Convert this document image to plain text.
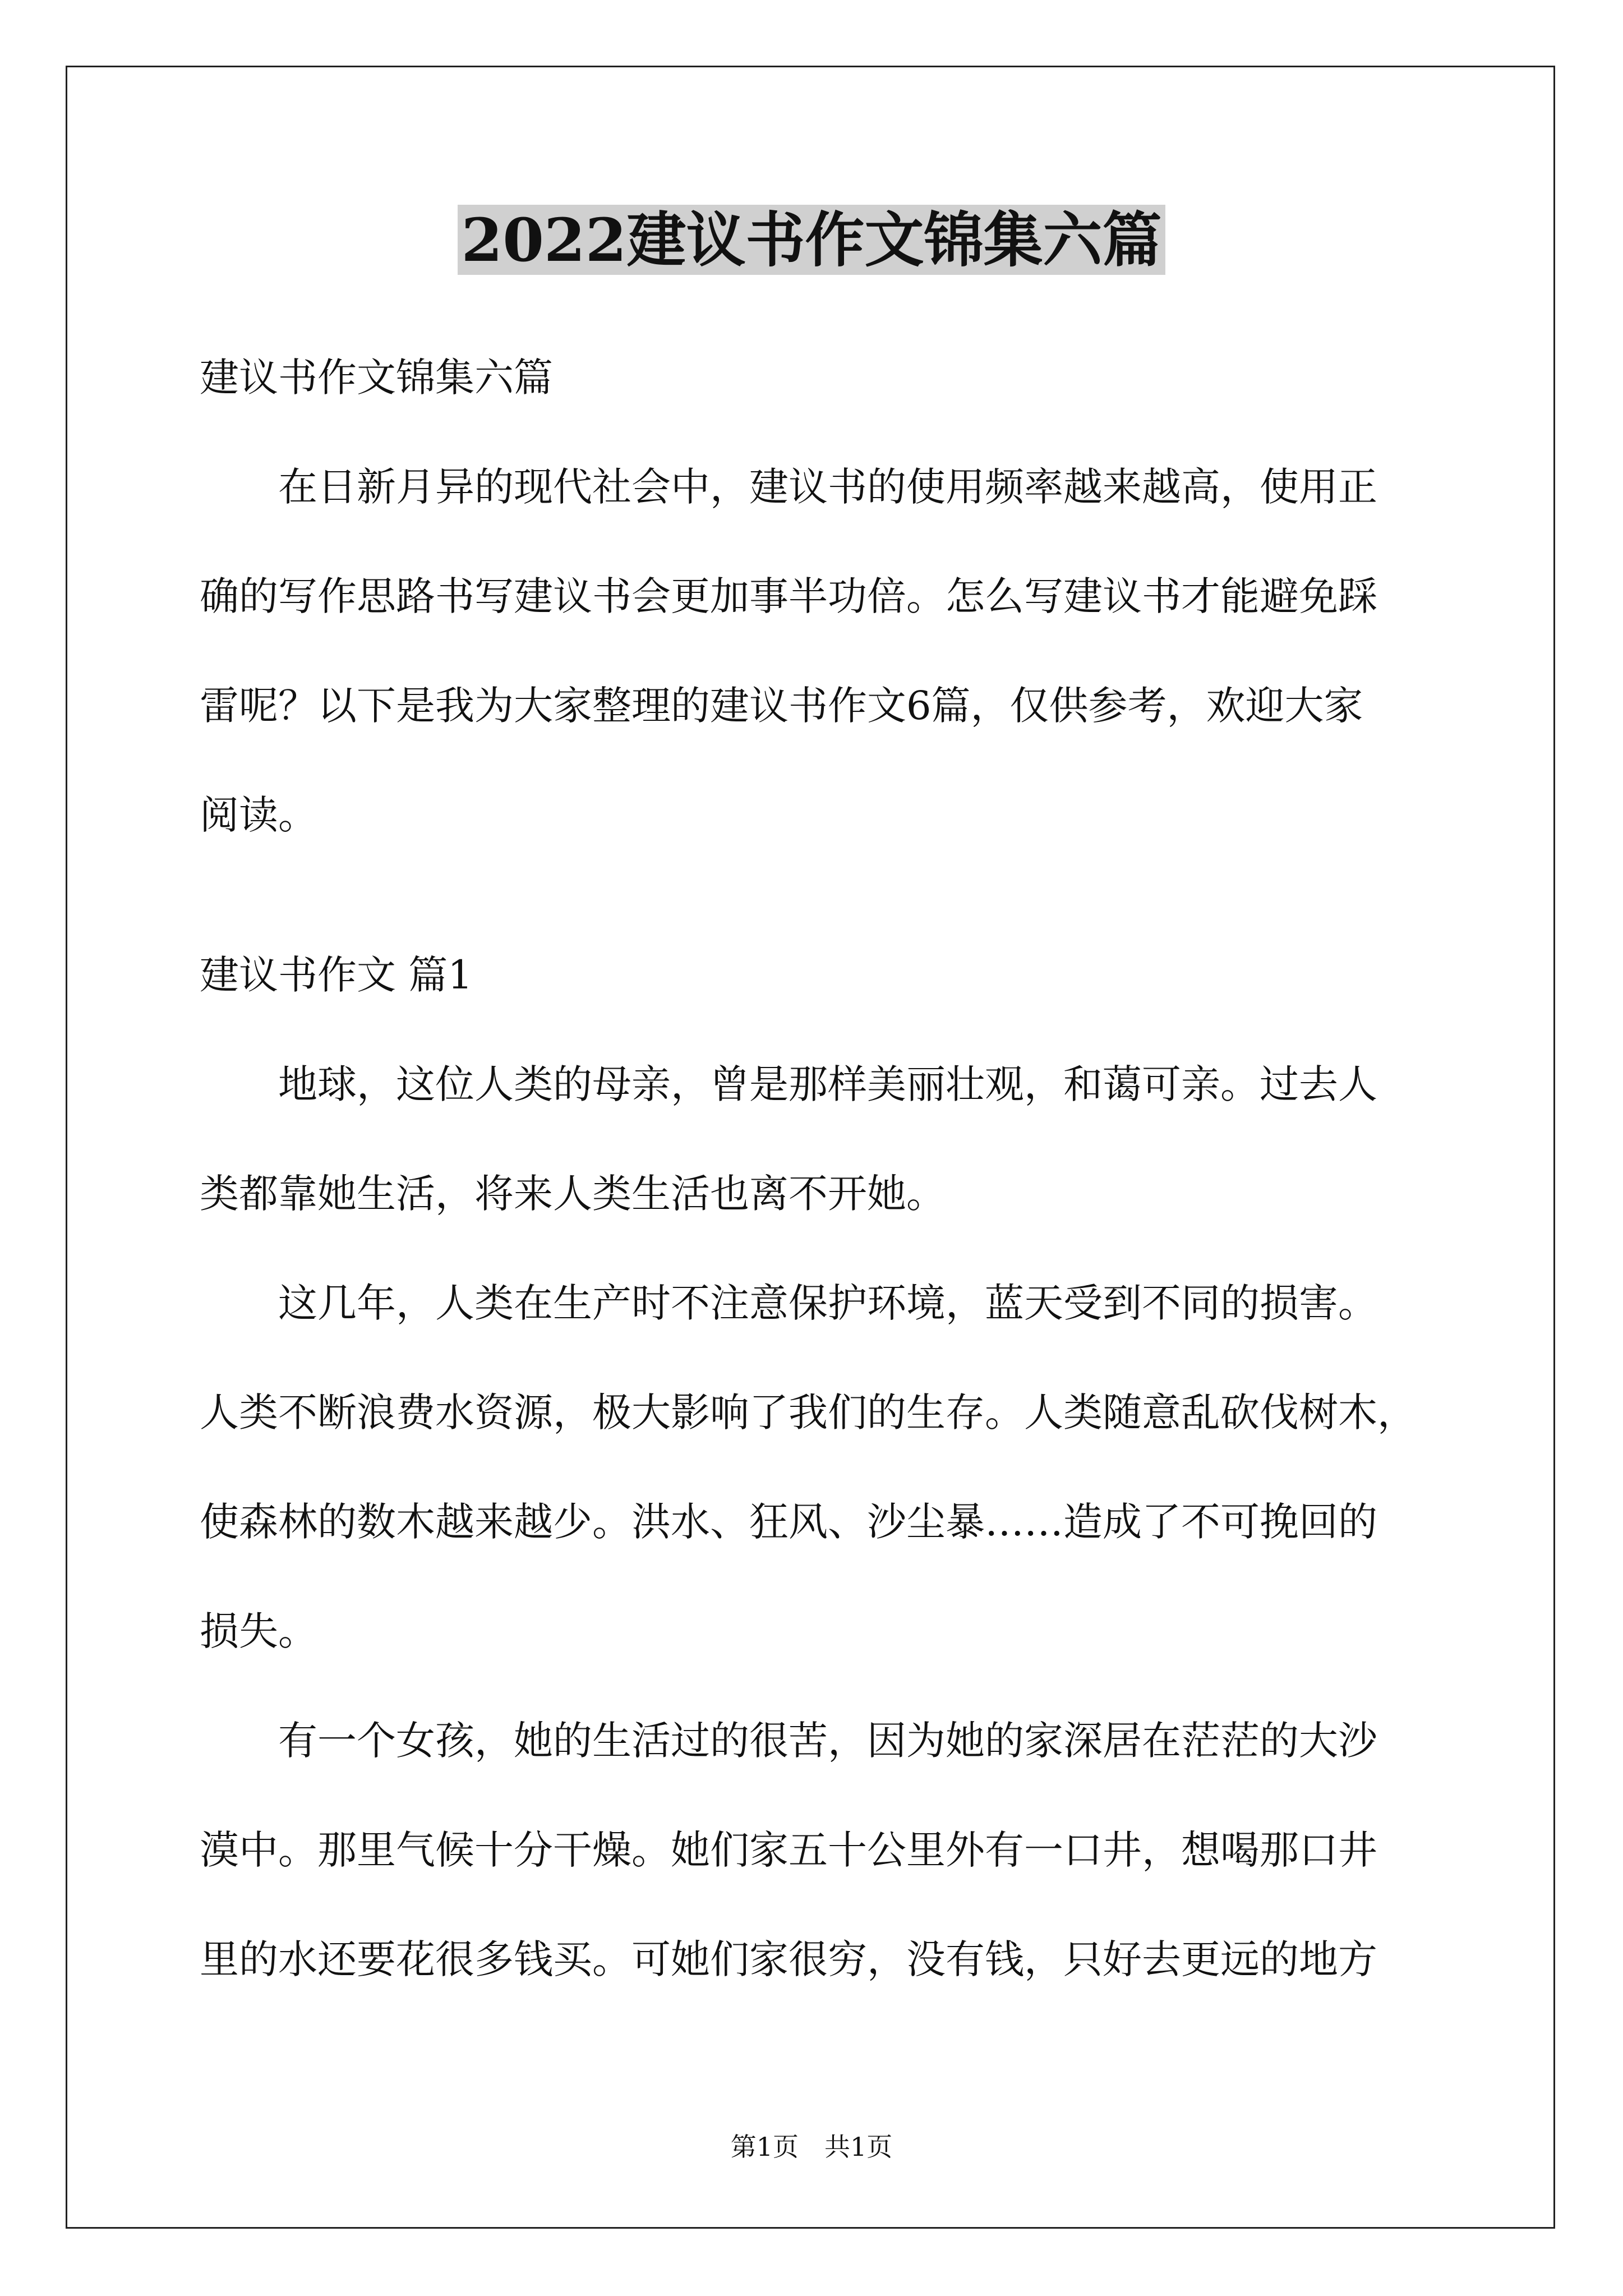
2022建议书作文锦集六篇

建议书作文锦集六篇

　　在日新月异的现代社会中，建议书的使用频率越来越高，使用正

确的写作思路书写建议书会更加事半功倍。怎么写建议书才能避免踩

雷呢？以下是我为大家整理的建议书作文6篇，仅供参考，欢迎大家

阅读。

建议书作文 篇1

　　地球，这位人类的母亲，曾是那样美丽壮观，和蔼可亲。过去人

类都靠她生活，将来人类生活也离不开她。

　　这几年，人类在生产时不注意保护环境，蓝天受到不同的损害。

人类不断浪费水资源，极大影响了我们的生存。人类随意乱砍伐树木，

使森林的数木越来越少。洪水、狂风、沙尘暴……造成了不可挽回的

损失。

　　有一个女孩，她的生活过的很苦，因为她的家深居在茫茫的大沙

漠中。那里气候十分干燥。她们家五十公里外有一口井，想喝那口井

里的水还要花很多钱买。可她们家很穷，没有钱，只好去更远的地方

第1页 共1页
